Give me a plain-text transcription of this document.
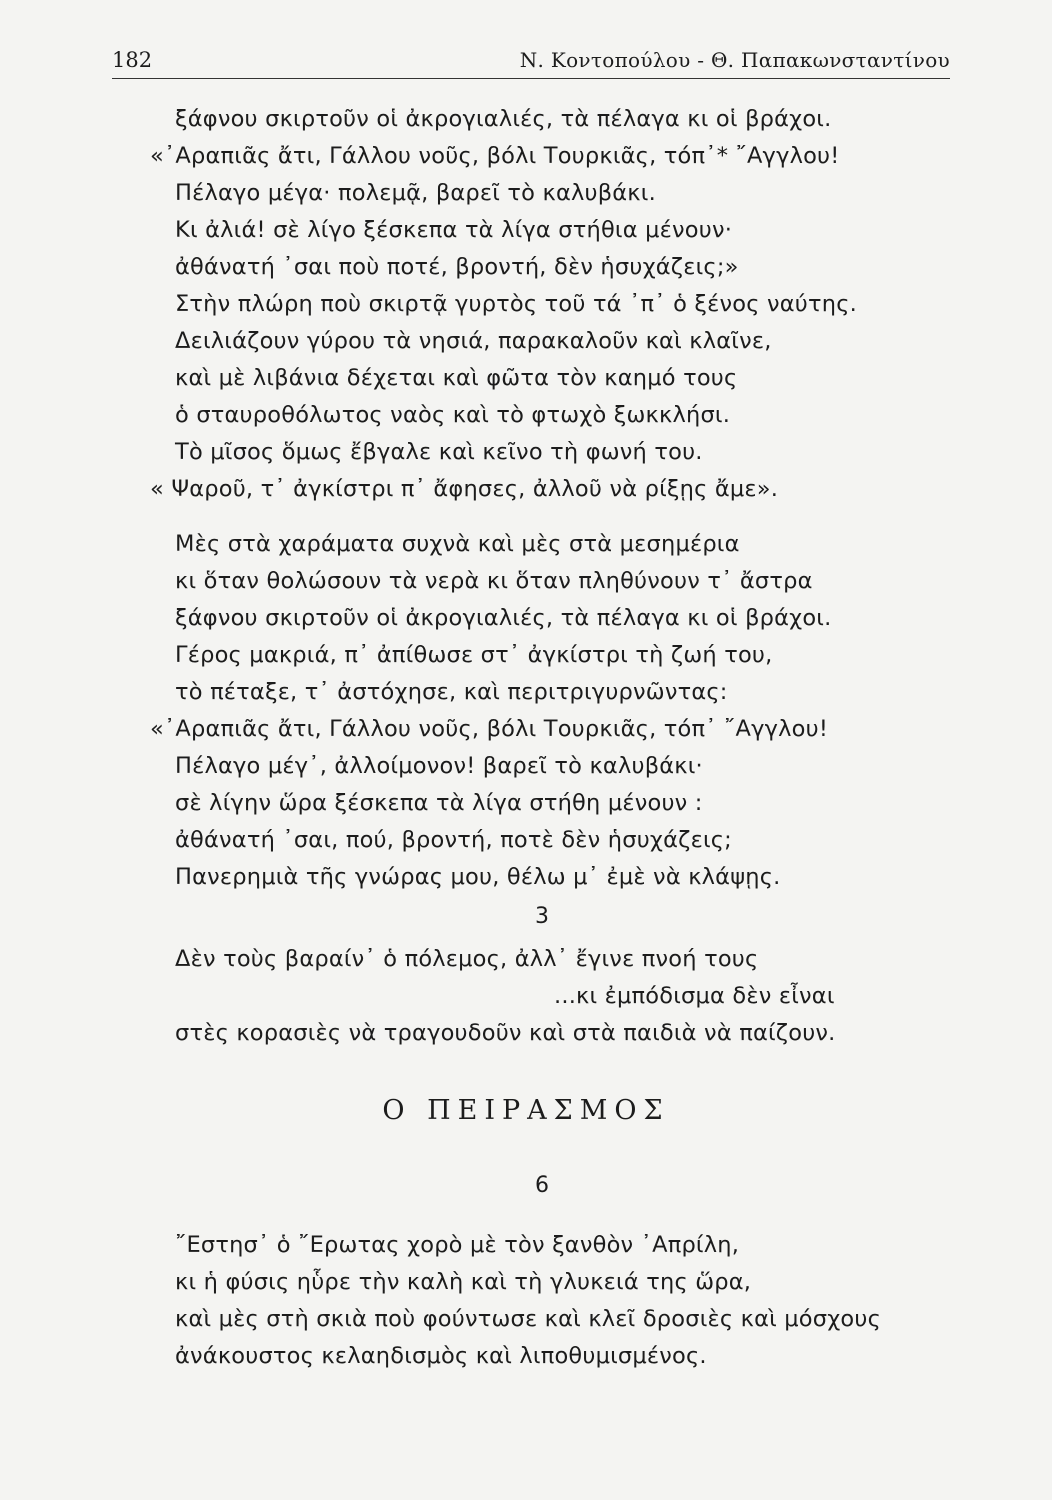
182	Ν. Κοντοπούλου - Θ. Παπακωνσταντίνου
ξάφνου σκιρτοῦν οἱ ἀκρογιαλιές, τὰ πέλαγα κι οἱ βράχοι.
«᾿Αραπιᾶς ἄτι, Γάλλου νοῦς, βόλι Τουρκιᾶς, τόπ᾿* ῎Αγγλου!
Πέλαγο μέγα· πολεμᾷ, βαρεῖ τὸ καλυβάκι.
Κι ἀλιά! σὲ λίγο ξέσκεπα τὰ λίγα στήθια μένουν·
ἀθάνατή ᾿σαι ποὺ ποτέ, βροντή, δὲν ἡσυχάζεις;»
Στὴν πλώρη ποὺ σκιρτᾷ γυρτὸς τοῦ τά ᾿π᾿ ὁ ξένος ναύτης.
Δειλιάζουν γύρου τὰ νησιά, παρακαλοῦν καὶ κλαῖνε,
καὶ μὲ λιβάνια δέχεται καὶ φῶτα τὸν καημό τους
ὁ σταυροθόλωτος ναὸς καὶ τὸ φτωχὸ ξωκκλήσι.
Τὸ μῖσος ὅμως ἔβγαλε καὶ κεῖνο τὴ φωνή του.
« Ψαροῦ, τ᾿ ἀγκίστρι π᾿ ἄφησες, ἀλλοῦ νὰ ρίξῃς ἄμε».
Μὲς στὰ χαράματα συχνὰ καὶ μὲς στὰ μεσημέρια
κι ὅταν θολώσουν τὰ νερὰ κι ὅταν πληθύνουν τ᾿ ἄστρα
ξάφνου σκιρτοῦν οἱ ἀκρογιαλιές, τὰ πέλαγα κι οἱ βράχοι.
Γέρος μακριά, π᾿ ἀπίθωσε στ᾿ ἀγκίστρι τὴ ζωή του,
τὸ πέταξε, τ᾿ ἀστόχησε, καὶ περιτριγυρνῶντας:
«᾿Αραπιᾶς ἄτι, Γάλλου νοῦς, βόλι Τουρκιᾶς, τόπ᾿ ῎Αγγλου!
Πέλαγο μέγ᾿, ἀλλοίμονον! βαρεῖ τὸ καλυβάκι·
σὲ λίγην ὥρα ξέσκεπα τὰ λίγα στήθη μένουν :
ἀθάνατή ᾿σαι, πού, βροντή, ποτὲ δὲν ἡσυχάζεις;
Πανερημιὰ τῆς γνώρας μου, θέλω μ᾿ ἐμὲ νὰ κλάψῃς.
3
Δὲν τοὺς βαραίν᾿ ὁ πόλεμος, ἀλλ᾿ ἔγινε πνοή τους
...κι ἐμπόδισμα δὲν εἶναι
στὲς κορασιὲς νὰ τραγουδοῦν καὶ στὰ παιδιὰ νὰ παίζουν.
Ο ΠΕΙΡΑΣΜΟΣ
6
῎Εστησ᾿ ὁ ῎Ερωτας χορὸ μὲ τὸν ξανθὸν ᾿Απρίλη,
κι ἡ φύσις ηὗρε τὴν καλὴ καὶ τὴ γλυκειά της ὥρα,
καὶ μὲς στὴ σκιὰ ποὺ φούντωσε καὶ κλεῖ δροσιὲς καὶ μόσχους
ἀνάκουστος κελαηδισμὸς καὶ λιποθυμισμένος.
